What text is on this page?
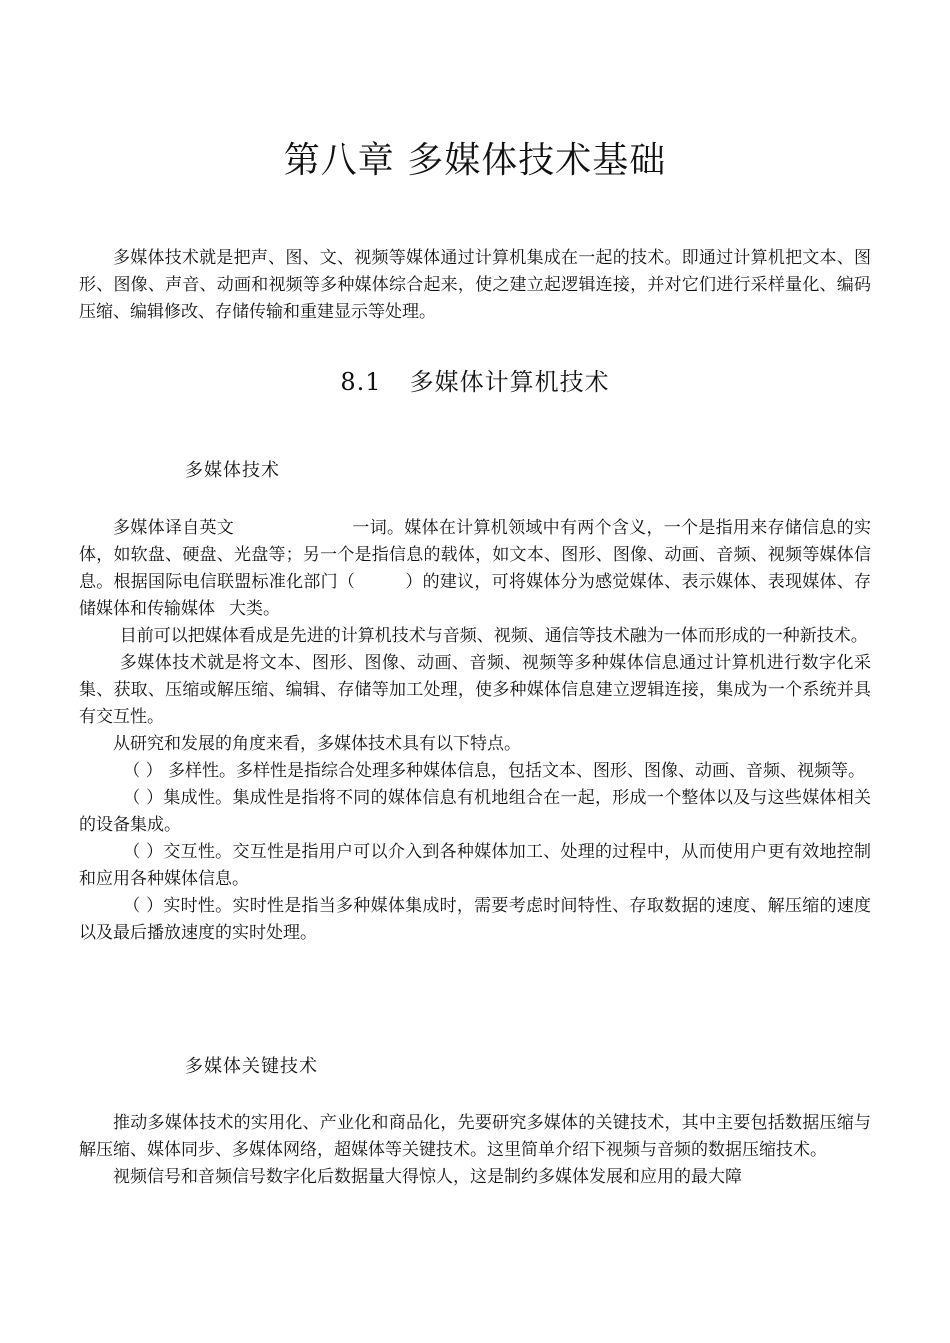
第八章 多媒体技术基础

多媒体技术就是把声、图、文、视频等媒体通过计算机集成在一起的技术。即通过计算机把文本、图形、图像、声音、动画和视频等多种媒体综合起来，使之建立起逻辑连接，并对它们进行采样量化、编码压缩、编辑修改、存储传输和重建显示等处理。

8.1 多媒体计算机技术
多媒体技术

多媒体译自英文	一词。媒体在计算机领域中有两个含义，一个是指用来存储信息的实体，如软盘、硬盘、光盘等；另一个是指信息的载体，如文本、图形、图像、动画、音频、视频等媒体信息。根据国际电信联盟标准化部门（	）的建议，可将媒体分为感觉媒体、表示媒体、表现媒体、存储媒体和传输媒体 大类。

目前可以把媒体看成是先进的计算机技术与音频、视频、通信等技术融为一体而形成的一种新技术。

多媒体技术就是将文本、图形、图像、动画、音频、视频等多种媒体信息通过计算机进行数字化采集、获取、压缩或解压缩、编辑、存储等加工处理，使多种媒体信息建立逻辑连接，集成为一个系统并具有交互性。

从研究和发展的角度来看，多媒体技术具有以下特点。

（ ） 多样性。多样性是指综合处理多种媒体信息，包括文本、图形、图像、动画、音频、视频等。

（ ）集成性。集成性是指将不同的媒体信息有机地组合在一起，形成一个整体以及与这些媒体相关的设备集成。

（ ）交互性。交互性是指用户可以介入到各种媒体加工、处理的过程中，从而使用户更有效地控制和应用各种媒体信息。

（ ）实时性。实时性是指当多种媒体集成时，需要考虑时间特性、存取数据的速度、解压缩的速度以及最后播放速度的实时处理。

多媒体关键技术

推动多媒体技术的实用化、产业化和商品化，先要研究多媒体的关键技术，其中主要包括数据压缩与解压缩、媒体同步、多媒体网络，超媒体等关键技术。这里简单介绍下视频与音频的数据压缩技术。

视频信号和音频信号数字化后数据量大得惊人，这是制约多媒体发展和应用的最大障
